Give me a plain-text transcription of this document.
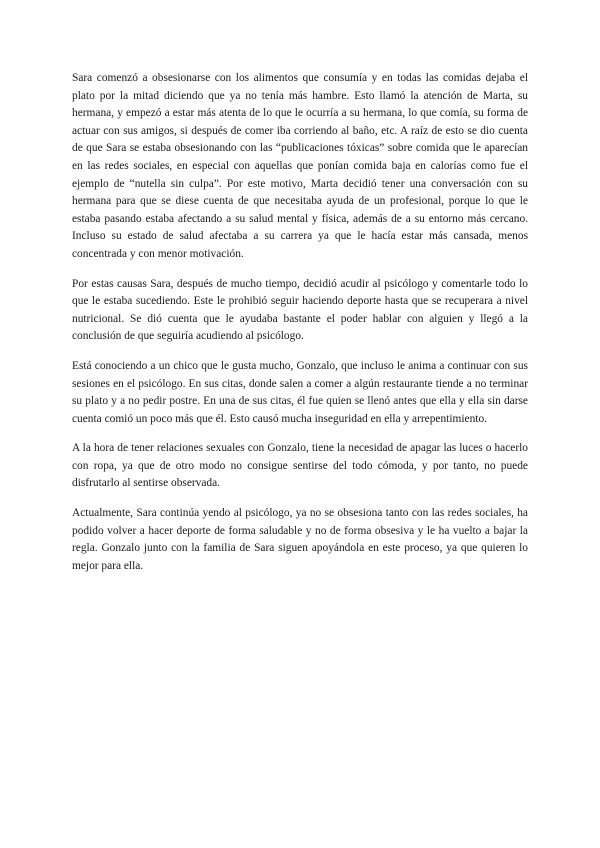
Sara comenzó a obsesionarse con los alimentos que consumía y en todas las comidas dejaba el plato por la mitad diciendo que ya no tenía más hambre. Esto llamó la atención de Marta, su hermana, y empezó a estar más atenta de lo que le ocurría a su hermana, lo que comía, su forma de actuar con sus amigos, si después de comer iba corriendo al baño, etc. A raíz de esto se dio cuenta de que Sara se estaba obsesionando con las “publicaciones tóxicas” sobre comida que le aparecían en las redes sociales, en especial con aquellas que ponían comida baja en calorías como fue el ejemplo de “nutella sin culpa”. Por este motivo, Marta decidió tener una conversación con su hermana para que se diese cuenta de que necesitaba ayuda de un profesional, porque lo que le estaba pasando estaba afectando a su salud mental y física, además de a su entorno más cercano. Incluso su estado de salud afectaba a su carrera ya que le hacía estar más cansada, menos concentrada y con menor motivación.

Por estas causas Sara, después de mucho tiempo, decidió acudir al psicólogo y comentarle todo lo que le estaba sucediendo. Este le prohibió seguir haciendo deporte hasta que se recuperara a nivel nutricional. Se dió cuenta que le ayudaba bastante el poder hablar con alguien y llegó a la conclusión de que seguiría acudiendo al psicólogo.

Está conociendo a un chico que le gusta mucho, Gonzalo, que incluso le anima a continuar con sus sesiones en el psicólogo. En sus citas, donde salen a comer a algún restaurante tiende a no terminar su plato y a no pedir postre. En una de sus citas, él fue quien se llenó antes que ella y ella sin darse cuenta comió un poco más que él. Esto causó mucha inseguridad en ella y arrepentimiento.

A la hora de tener relaciones sexuales con Gonzalo, tiene la necesidad de apagar las luces o hacerlo con ropa, ya que de otro modo no consigue sentirse del todo cómoda, y por tanto, no puede disfrutarlo al sentirse observada.

Actualmente, Sara continúa yendo al psicólogo, ya no se obsesiona tanto con las redes sociales, ha podido volver a hacer deporte de forma saludable y no de forma obsesiva y le ha vuelto a bajar la regla. Gonzalo junto con la familia de Sara siguen apoyándola en este proceso, ya que quieren lo mejor para ella.
